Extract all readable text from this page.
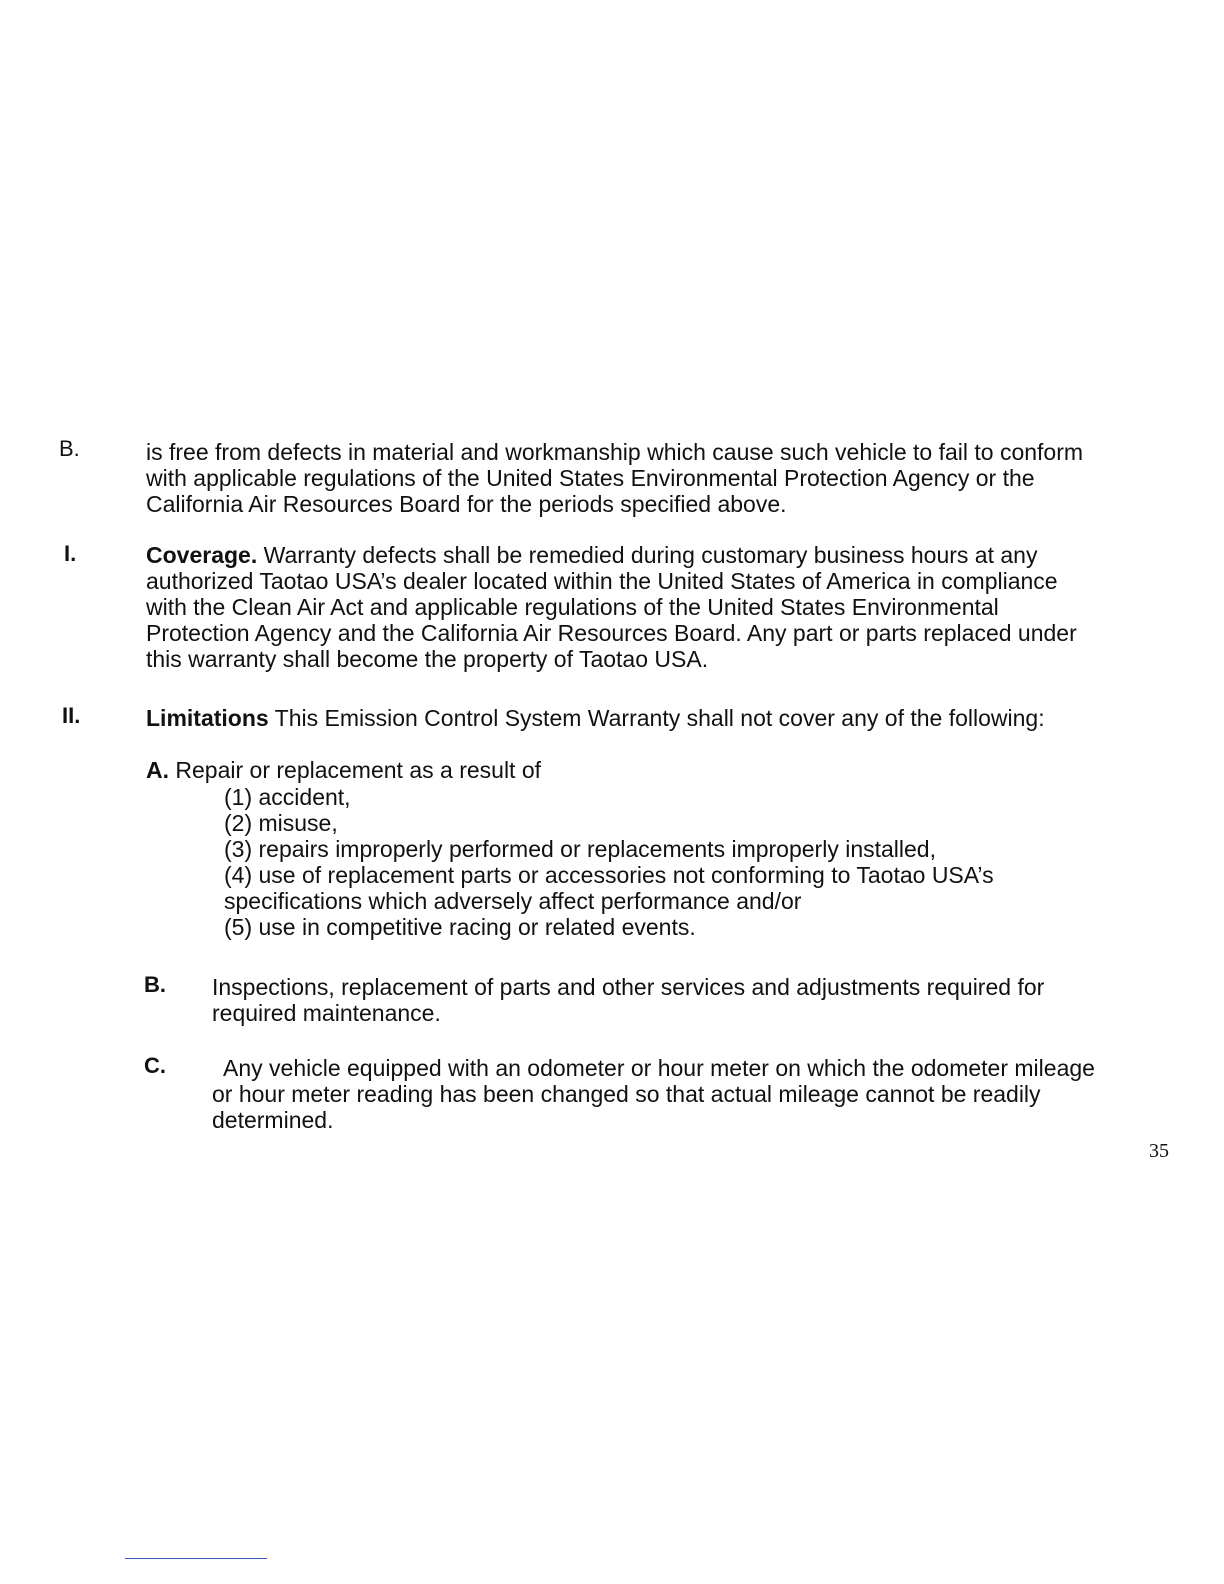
B.	is free from defects in material and workmanship which cause such vehicle to fail to conform
with applicable regulations of the United States Environmental Protection Agency or the
California Air Resources Board for the periods specified above.
I.	Coverage. Warranty defects shall be remedied during customary business hours at any
authorized Taotao USA’s dealer located within the United States of America in compliance
with the Clean Air Act and applicable regulations of the United States Environmental
Protection Agency and the California Air Resources Board. Any part or parts replaced under
this warranty shall become the property of Taotao USA.
II.	Limitations This Emission Control System Warranty shall not cover any of the following:
A. Repair or replacement as a result of
(1) accident,
(2) misuse,
(3) repairs improperly performed or replacements improperly installed,
(4) use of replacement parts or accessories not conforming to Taotao USA’s
specifications which adversely affect performance and/or
(5) use in competitive racing or related events.
B. Inspections, replacement of parts and other services and adjustments required for
required maintenance.
C.	Any vehicle equipped with an odometer or hour meter on which the odometer mileage
or hour meter reading has been changed so that actual mileage cannot be readily
determined.
35
